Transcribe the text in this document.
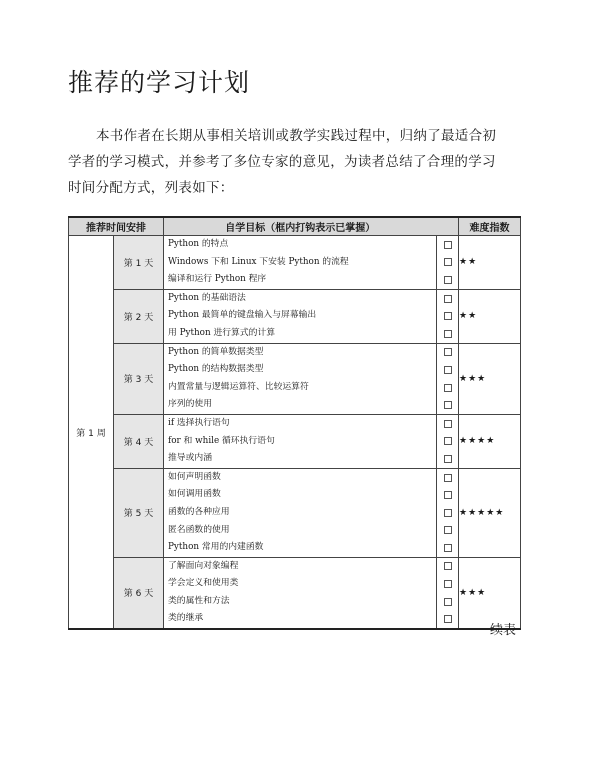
推荐的学习计划
本书作者在长期从事相关培训或教学实践过程中，归纳了最适合初
学者的学习模式，并参考了多位专家的意见，为读者总结了合理的学习
时间分配方式，列表如下：
推荐时间安排		自学目标（框内打钩表示已掌握）		难度指数
第 1 周	第 1 天	Python 的特点
Windows 下和 Linux 下安装 Python 的流程
编译和运行 Python 程序		★★
	第 2 天	Python 的基础语法
Python 最简单的键盘输入与屏幕输出
用 Python 进行算式的计算		★★
	第 3 天	Python 的简单数据类型
Python 的结构数据类型
内置常量与逻辑运算符、比较运算符
序列的使用		★★★
	第 4 天	if 选择执行语句
for 和 while 循环执行语句
推导或内涵		★★★★
	第 5 天	如何声明函数
如何调用函数
函数的各种应用
匿名函数的使用
Python 常用的内建函数		★★★★★
	第 6 天	了解面向对象编程
学会定义和使用类
类的属性和方法
类的继承		★★★
续表
